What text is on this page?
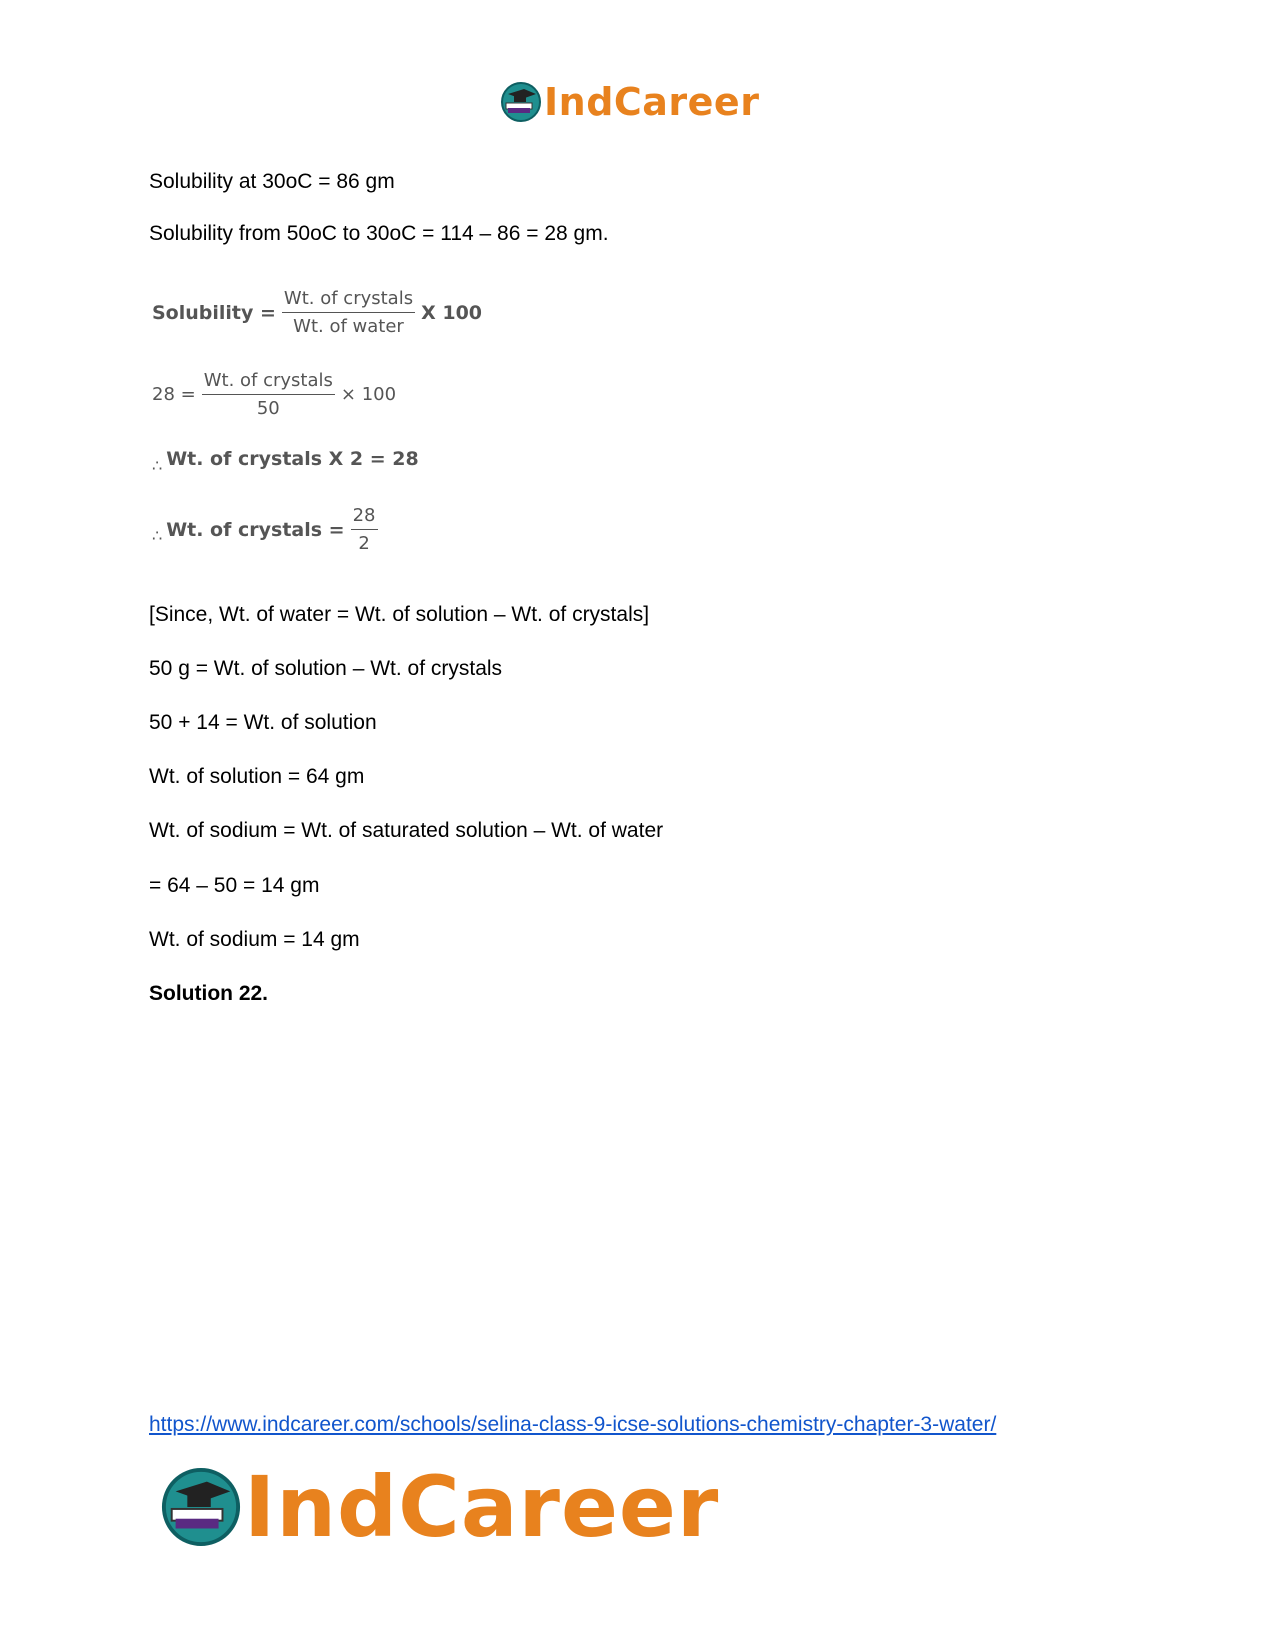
IndCareer
Solubility at 30oC = 86 gm
Solubility from 50oC to 30oC = 114 – 86 = 28 gm.
Solubility = $\frac{\text{Wt. of crystals}}{\text{Wt. of water}}$ X 100
$28 = \frac{\text{Wt. of crystals}}{50} \times 100$
∴ Wt. of crystals X 2 = 28
∴ Wt. of crystals = $\frac{28}{2}$
[Since, Wt. of water = Wt. of solution – Wt. of crystals]
50 g = Wt. of solution – Wt. of crystals
50 + 14 = Wt. of solution
Wt. of solution = 64 gm
Wt. of sodium = Wt. of saturated solution – Wt. of water
= 64 – 50 = 14 gm
Wt. of sodium = 14 gm
Solution 22.
https://www.indcareer.com/schools/selina-class-9-icse-solutions-chemistry-chapter-3-water/
IndCareer
